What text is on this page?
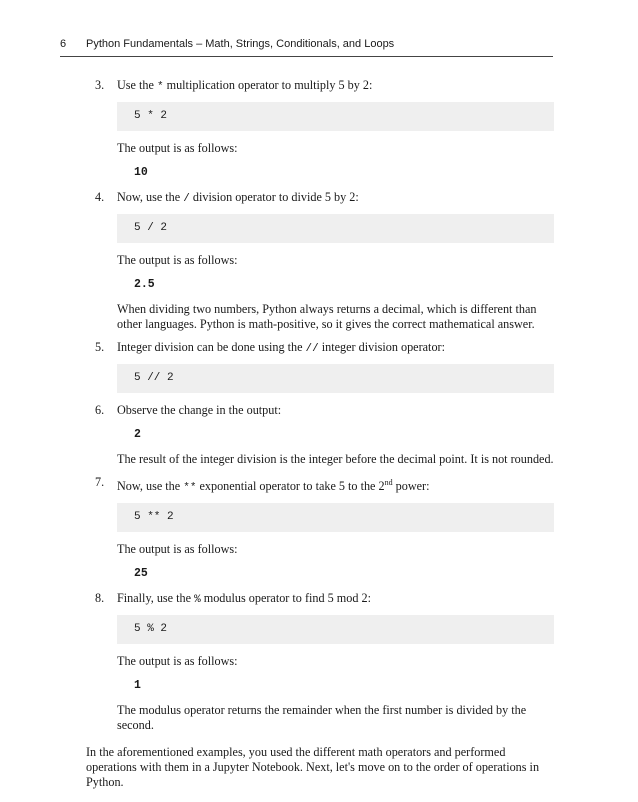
6 Python Fundamentals – Math, Strings, Conditionals, and Loops
3. Use the * multiplication operator to multiply 5 by 2:

5 * 2

The output is as follows:

10
4. Now, use the / division operator to divide 5 by 2:

5 / 2

The output is as follows:

2.5

When dividing two numbers, Python always returns a decimal, which is different than other languages. Python is math-positive, so it gives the correct mathematical answer.

5. Integer division can be done using the // integer division operator:

5 // 2
6. Observe the change in the output:

2

The result of the integer division is the integer before the decimal point. It is not rounded.

7. Now, use the ** exponential operator to take 5 to the 2nd power:

5 ** 2

The output is as follows:

25
8. Finally, use the % modulus operator to find 5 mod 2:

5 % 2

The output is as follows:

1

The modulus operator returns the remainder when the first number is divided by the second.

In the aforementioned examples, you used the different math operators and performed operations with them in a Jupyter Notebook. Next, let's move on to the order of operations in Python.
